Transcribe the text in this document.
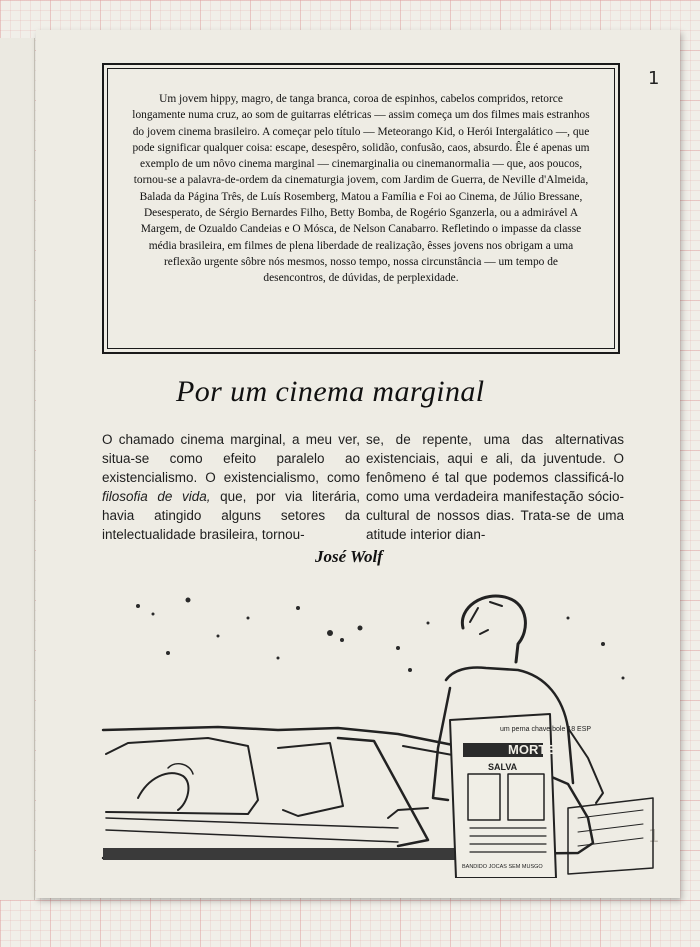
1
1

Um jovem hippy, magro, de tanga branca, coroa de espinhos, cabelos compridos, retorce longamente numa cruz, ao som de guitarras elétricas — assim começa um dos filmes mais estranhos do jovem cinema brasileiro. A começar pelo título — Meteorango Kid, o Herói Intergalático —, que pode significar qualquer coisa: escape, desespêro, solidão, confusão, caos, absurdo. Êle é apenas um exemplo de um nôvo cinema marginal — cinemarginalia ou cinemanormalia — que, aos poucos, tornou-se a palavra-de-ordem da cinematurgia jovem, com Jardim de Guerra, de Neville d'Almeida, Balada da Página Três, de Luís Rosemberg, Matou a Família e Foi ao Cinema, de Júlio Bressane, Desesperato, de Sérgio Bernardes Filho, Betty Bomba, de Rogério Sganzerla, ou a admirável A Margem, de Ozualdo Candeias e O Mósca, de Nelson Canabarro. Refletindo o impasse da classe média brasileira, em filmes de plena liberdade de realização, êsses jovens nos obrigam a uma reflexão urgente sôbre nós mesmos, nosso tempo, nossa circunstância — um tempo de desencontros, de dúvidas, de perplexidade.

Por um cinema marginal

O chamado cinema marginal, a meu ver, situa-se como efeito paralelo ao existencialismo. O existencialismo, como filosofia de vida, que, por via literária, havia atingido alguns setores da intelectualidade brasileira, tornou-

se, de repente, uma das alternativas existenciais, aqui e ali, da juventude. O fenômeno é tal que podemos classificá-lo como uma verdadeira manifestação sócio-cultural de nossos dias. Trata-se de uma atitude interior dian-

José Wolf
um perna chave bole 18 ESP
MORTE
SALVA
BANDIDO JOCAS SEM MUSGO
